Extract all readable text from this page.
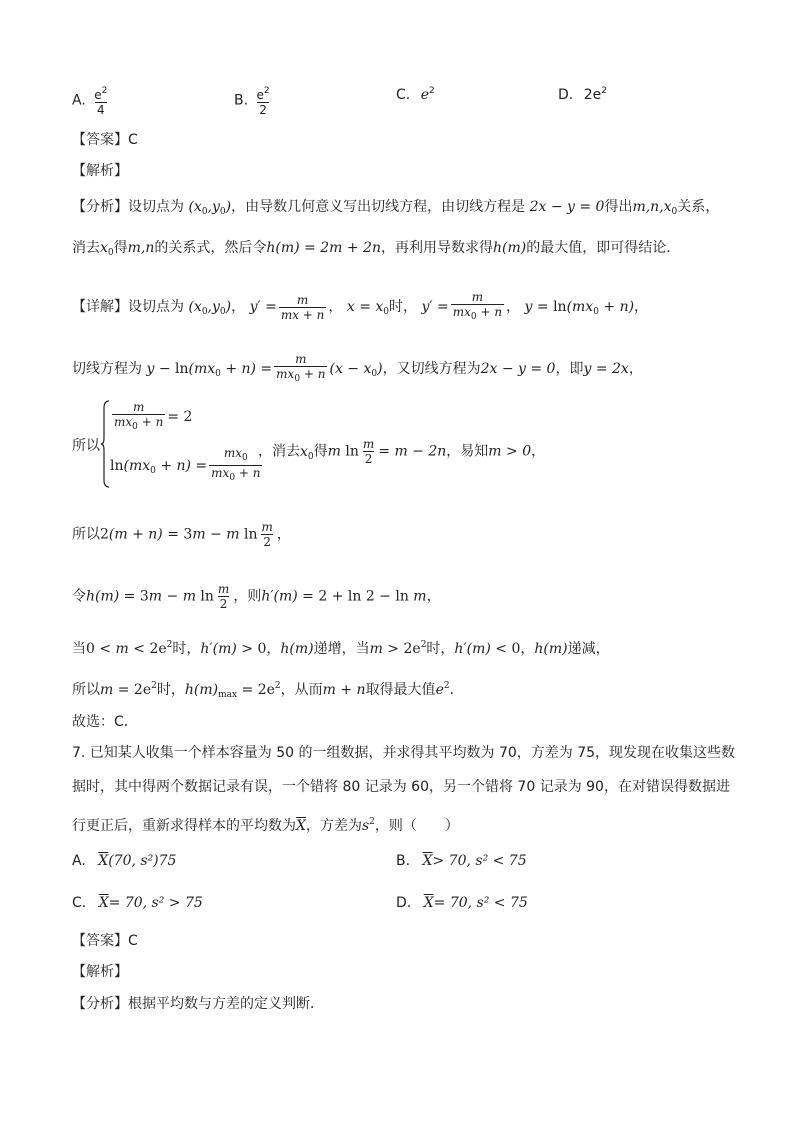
A. $\frac{e^2}{4}$	B. $\frac{e^2}{2}$	C. $e^2$	D. $2e^2$
【答案】C
【解析】
【分析】设切点为 $(x_0,y_0)$，由导数几何意义写出切线方程，由切线方程是 2x − y = 0得出$m,n,x_0$关系，
消去$x_0$得m,n的关系式，然后令h(m) = 2m + 2n，再利用导数求得h(m)的最大值，即可得结论．
【详解】设切点为 $(x_0,y_0)$， $y' = \frac{m}{mx + n}$ ， $x = x_0$时， $y' = \frac{m}{mx_0 + n}$ ， $y = \ln(mx_0 + n)$，
切线方程为 $y - \ln(mx_0 + n) = \frac{m}{mx_0 + n} (x - x_0)$，又切线方程为2x − y = 0，即y = 2x，
所以
$\frac{m}{mx_0 + n} = 2$
$\ln(mx_0 + n) = \frac{mx_0}{mx_0 + n}$
，消去$x_0$得m $\ln \frac{m}{2} = m - 2n$，易知m > 0，
所以2(m + n) = 3m − m $\ln \frac{m}{2}$ ，
令h(m) = 3m − m $\ln \frac{m}{2}$ ，则h′(m) = 2 + ln 2 − ln m，
当$0 < m < 2e^2$时，h′(m) > 0，h(m)递增，当$m > 2e^2$时，h′(m) < 0，h(m)递减，
所以$m = 2e^2$时，$h(m)_{max} = 2e^2$，从而m + n取得最大值$e^2$．
故选：C．
7. 已知某人收集一个样本容量为 50 的一组数据，并求得其平均数为 70，方差为 75，现发现在收集这些数
据时，其中得两个数据记录有误，一个错将 80 记录为 60，另一个错将 70 记录为 90，在对错误得数据进
行更正后，重新求得样本的平均数为$\overline{X}$，方差为$s^2$，则（　　）
A. $\overline{X}(70$, s²)75	B. $\overline{X}> 70$, s² < 75
C. $\overline{X}= 70$, s² > 75	D. $\overline{X}= 70$, s² < 75
【答案】C
【解析】
【分析】根据平均数与方差的定义判断．
